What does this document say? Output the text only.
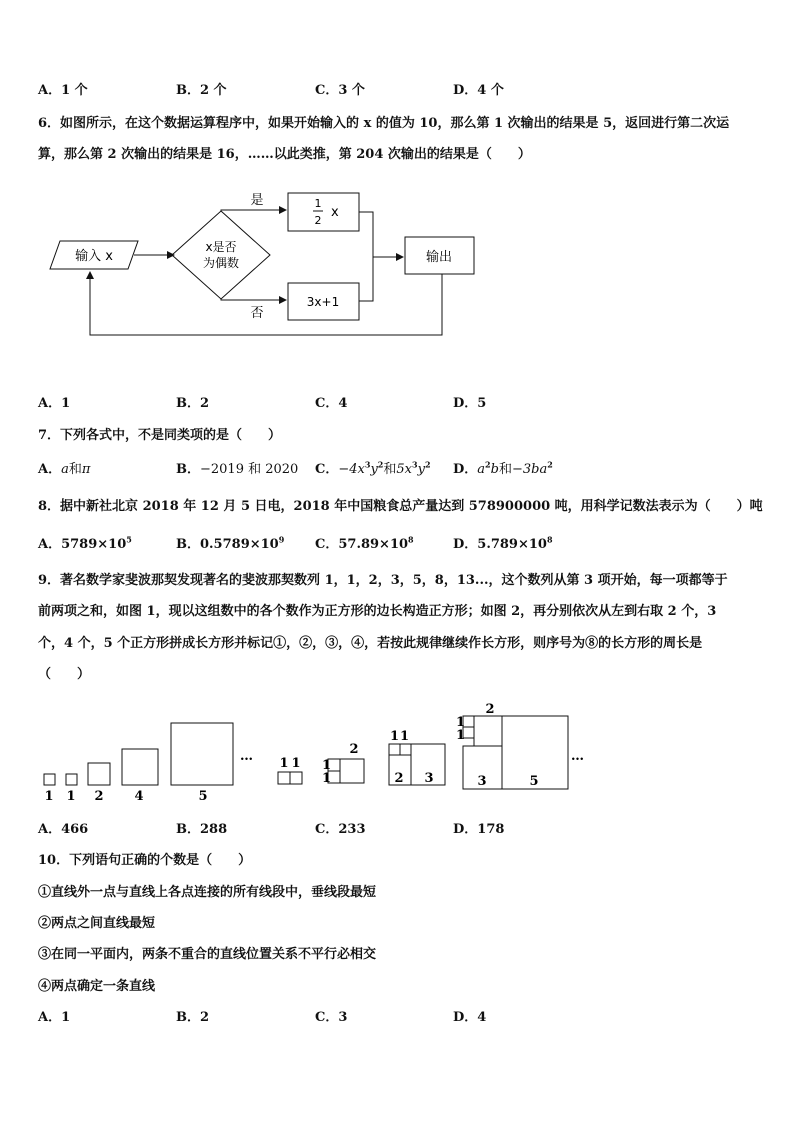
A．1 个	B．2 个	C．3 个	D．4 个
6．如图所示，在这个数据运算程序中，如果开始输入的 x 的值为 10，那么第 1 次输出的结果是 5，返回进行第二次运
算，那么第 2 次输出的结果是 16，……以此类推，第 204 次输出的结果是（　　）
输入 x
x是否
为偶数
是	1
2
x
否
3x+1
输出
A．1	B．2	C．4	D．5
7．下列各式中，不是同类项的是（　　）
A．a和π	B．−2019 和 2020 C．$-4x^3y^2$和$5x^3y^2$ D．$a^2b$和$-3ba^2$
8．据中新社北京 2018 年 12 月 5 日电，2018 年中国粮食总产量达到 578900000 吨，用科学记数法表示为（　　）吨
A．$5789\times 10^5$	B．$0.5789\times 10^9$ C．$57.89\times 10^8$	D．$5.789\times 10^8$
9．著名数学家斐波那契发现著名的斐波那契数列 1，1，2，3，5，8，13...，这个数列从第 3 项开始，每一项都等于
前两项之和，如图 1，现以这组数中的各个数作为正方形的边长构造正方形；如图 2，再分别依次从左到右取 2 个，3
个，4 个，5 个正方形拼成长方形并标记①，②，③，④，若按此规律继续作长方形，则序号为⑧的长方形的周长是
（　　）
1 1 2 4	5
… 1 1 1
1
2
1 1
2 3
1
1
2
3	5
…
A．466	B．288	C．233	D．178
10．下列语句正确的个数是（　　）
①直线外一点与直线上各点连接的所有线段中，垂线段最短
②两点之间直线最短
③在同一平面内，两条不重合的直线位置关系不平行必相交
④两点确定一条直线
A．1	B．2	C．3	D．4
